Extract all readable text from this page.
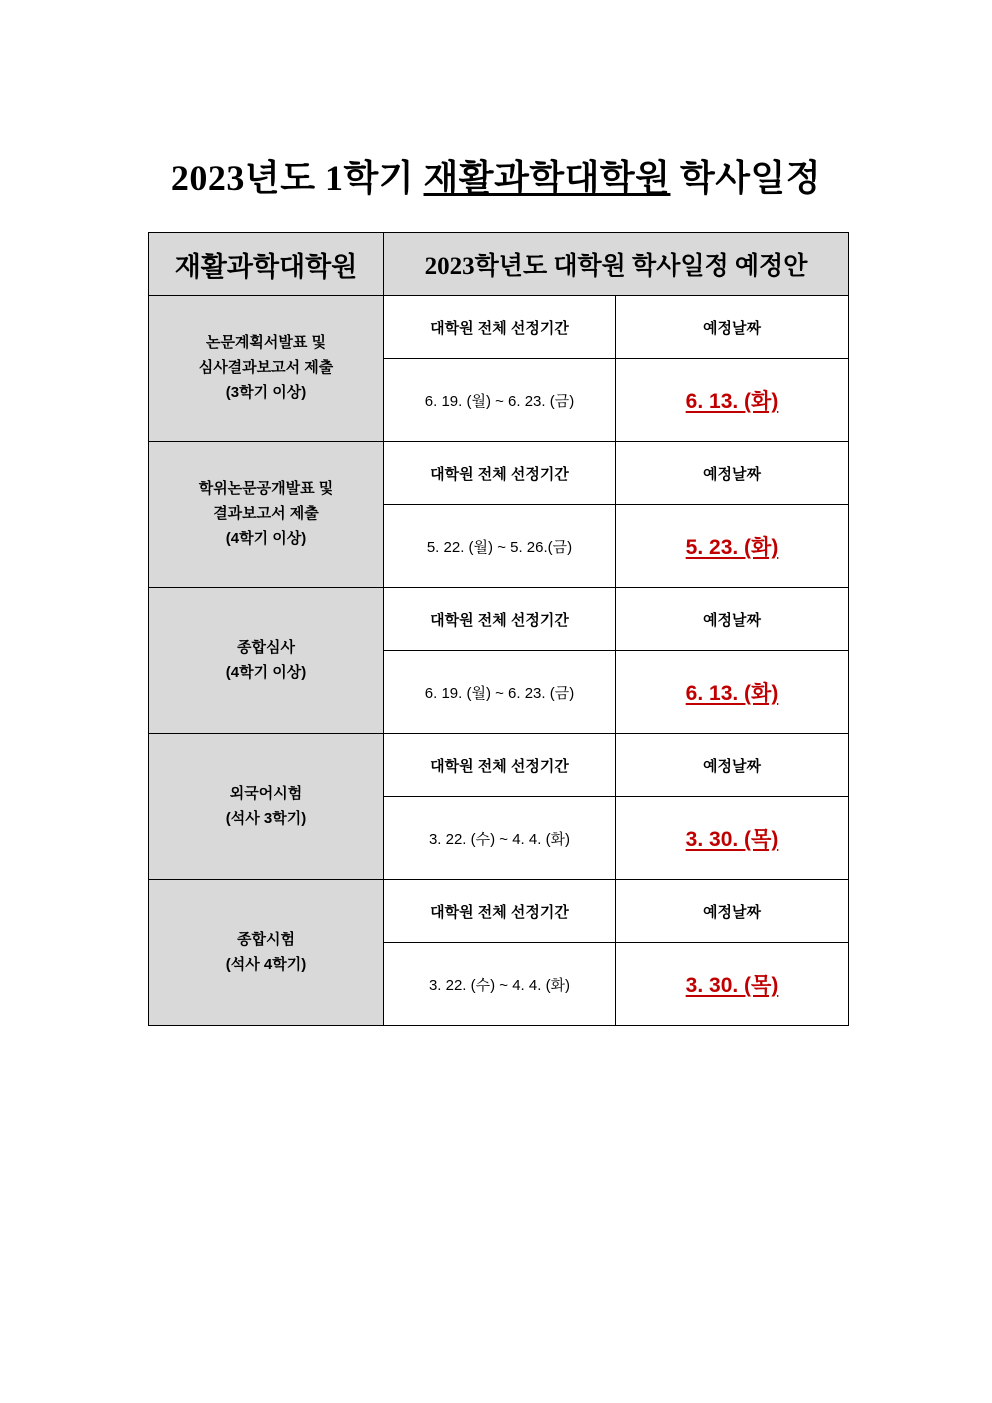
2023년도 1학기 재활과학대학원 학사일정
재활과학대학원	2023학년도 대학원 학사일정 예정안	

논문계획서발표 및
심사결과보고서 제출
(3학기 이상)	대학원 전체 선정기간	예정날짜
	6. 19. (월) ~ 6. 23. (금)	6. 13. (화)

학위논문공개발표 및
결과보고서 제출
(4학기 이상)	대학원 전체 선정기간	예정날짜
	5. 22. (월) ~ 5. 26.(금)	5. 23. (화)

종합심사
(4학기 이상)	대학원 전체 선정기간	예정날짜
	6. 19. (월) ~ 6. 23. (금)	6. 13. (화)

외국어시험
(석사 3학기)	대학원 전체 선정기간	예정날짜
	3. 22. (수) ~ 4. 4. (화)	3. 30. (목)

종합시험
(석사 4학기)	대학원 전체 선정기간	예정날짜
	3. 22. (수) ~ 4. 4. (화)	3. 30. (목)
